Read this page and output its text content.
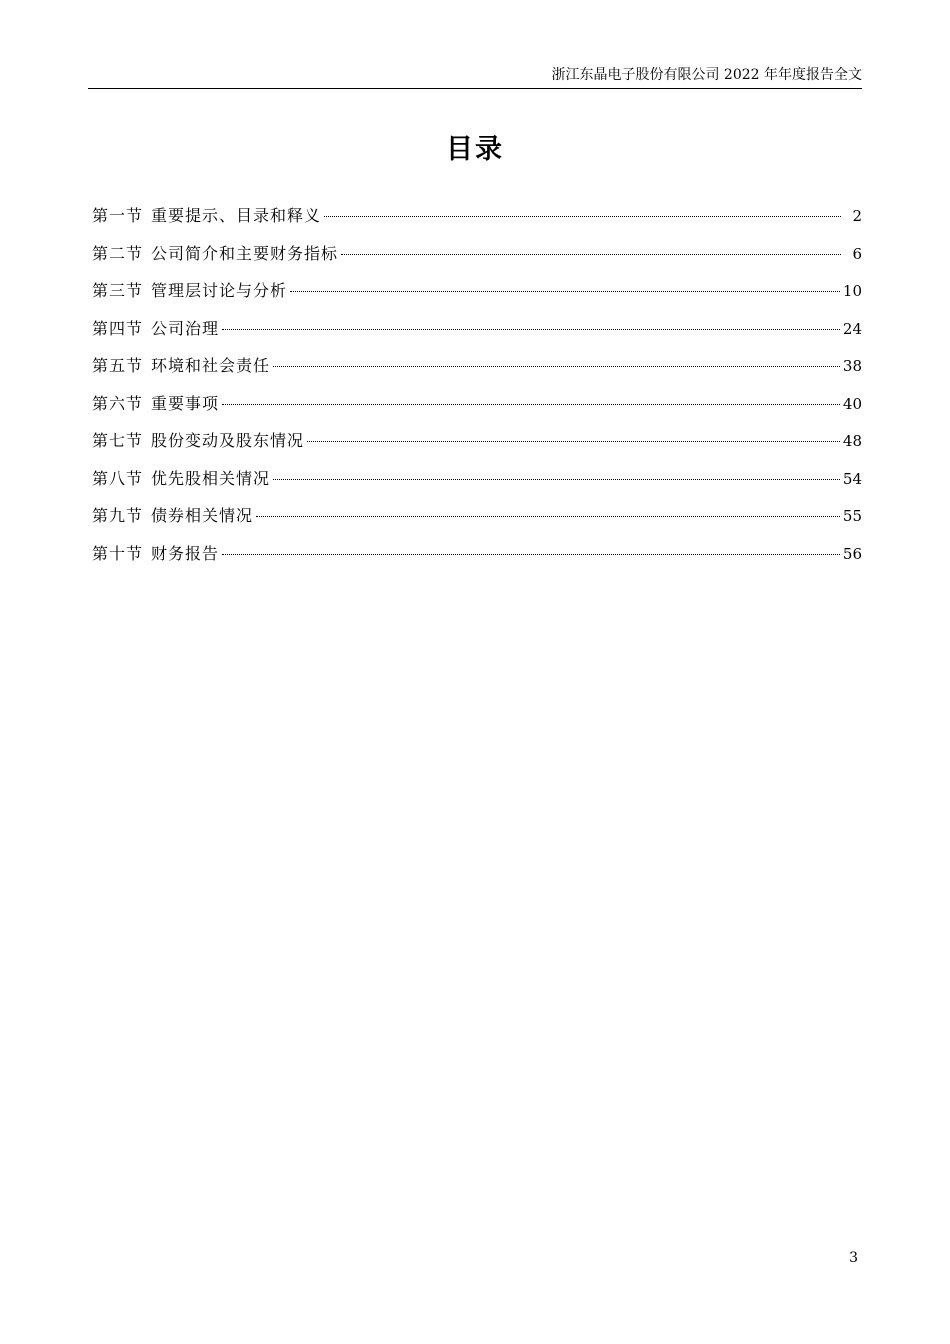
浙江东晶电子股份有限公司 2022 年年度报告全文
目录
第一节 重要提示、目录和释义	2
第二节 公司简介和主要财务指标	6
第三节 管理层讨论与分析	10
第四节 公司治理	24
第五节 环境和社会责任	38
第六节 重要事项	40
第七节 股份变动及股东情况	48
第八节 优先股相关情况	54
第九节 债券相关情况	55
第十节 财务报告	56
3
